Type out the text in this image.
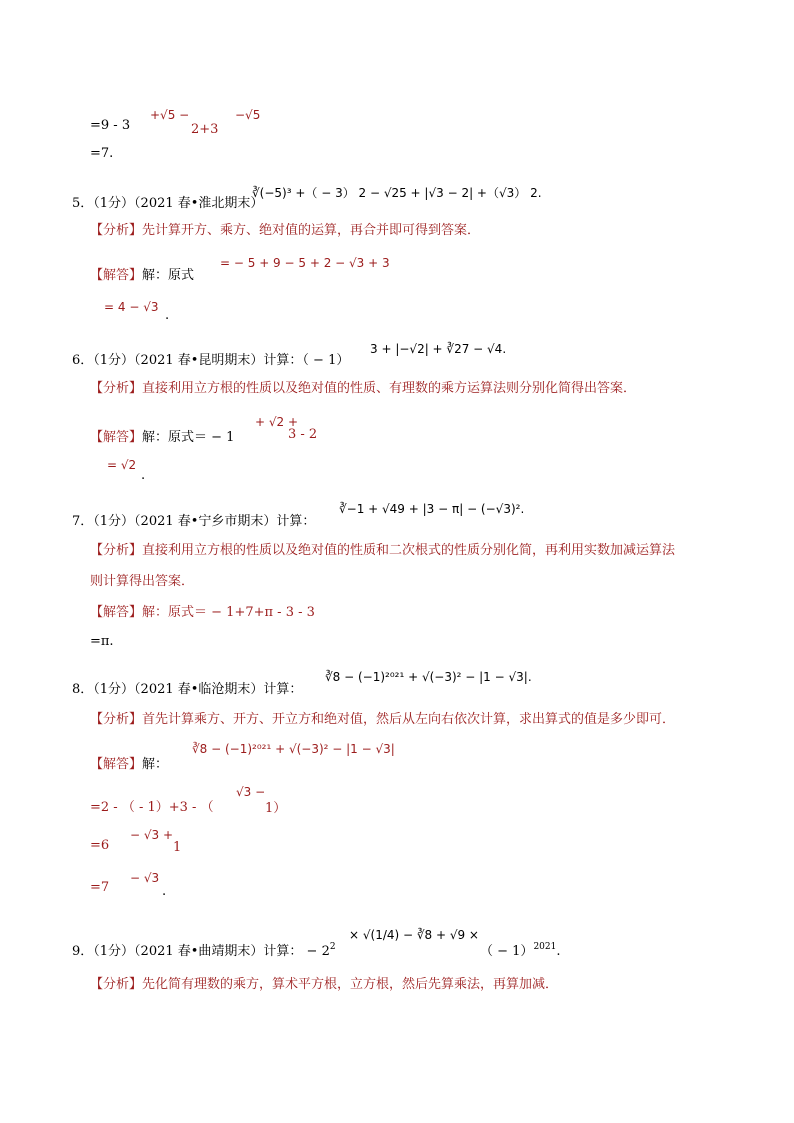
=9 - 3
+√5 −
2+3
−√5
=7.
5．（1分）（2021 春•淮北期末）
∛(−5)³ +（ − 3） 2 − √25 + |√3 − 2| +（√3） 2.
【分析】先计算开方、乘方、绝对值的运算，再合并即可得到答案．
【解答】解：原式
= − 5 + 9 − 5 + 2 − √3 + 3
= 4 − √3
.
6．（1分）（2021 春•昆明期末）计算：（ − 1）
3 + |−√2| + ∛27 − √4.
【分析】直接利用立方根的性质以及绝对值的性质、有理数的乘方运算法则分别化简得出答案．
【解答】解：原式＝ − 1
+ √2 +
3 - 2
= √2
.
7．（1分）（2021 春•宁乡市期末）计算：
∛−1 + √49 + |3 − π| − (−√3)².
【分析】直接利用立方根的性质以及绝对值的性质和二次根式的性质分别化简，再利用实数加减运算法
则计算得出答案．
【解答】解：原式＝ − 1+7+π - 3 - 3
=π.
8．（1分）（2021 春•临沧期末）计算：
∛8 − (−1)²⁰²¹ + √(−3)² − |1 − √3|.
【分析】首先计算乘方、开方、开立方和绝对值，然后从左向右依次计算，求出算式的值是多少即可．
【解答】解：
∛8 − (−1)²⁰²¹ + √(−3)² − |1 − √3|
=2 - （ - 1）+3 - （
√3 −
1）
=6
− √3 +
1
=7
− √3
.
9．（1分）（2021 春•曲靖期末）计算： − $2^2$
× √(1/4) − ∛8 + √9 ×
（ − 1）$^{2021}$.
【分析】先化简有理数的乘方，算术平方根，立方根，然后先算乘法，再算加减．
